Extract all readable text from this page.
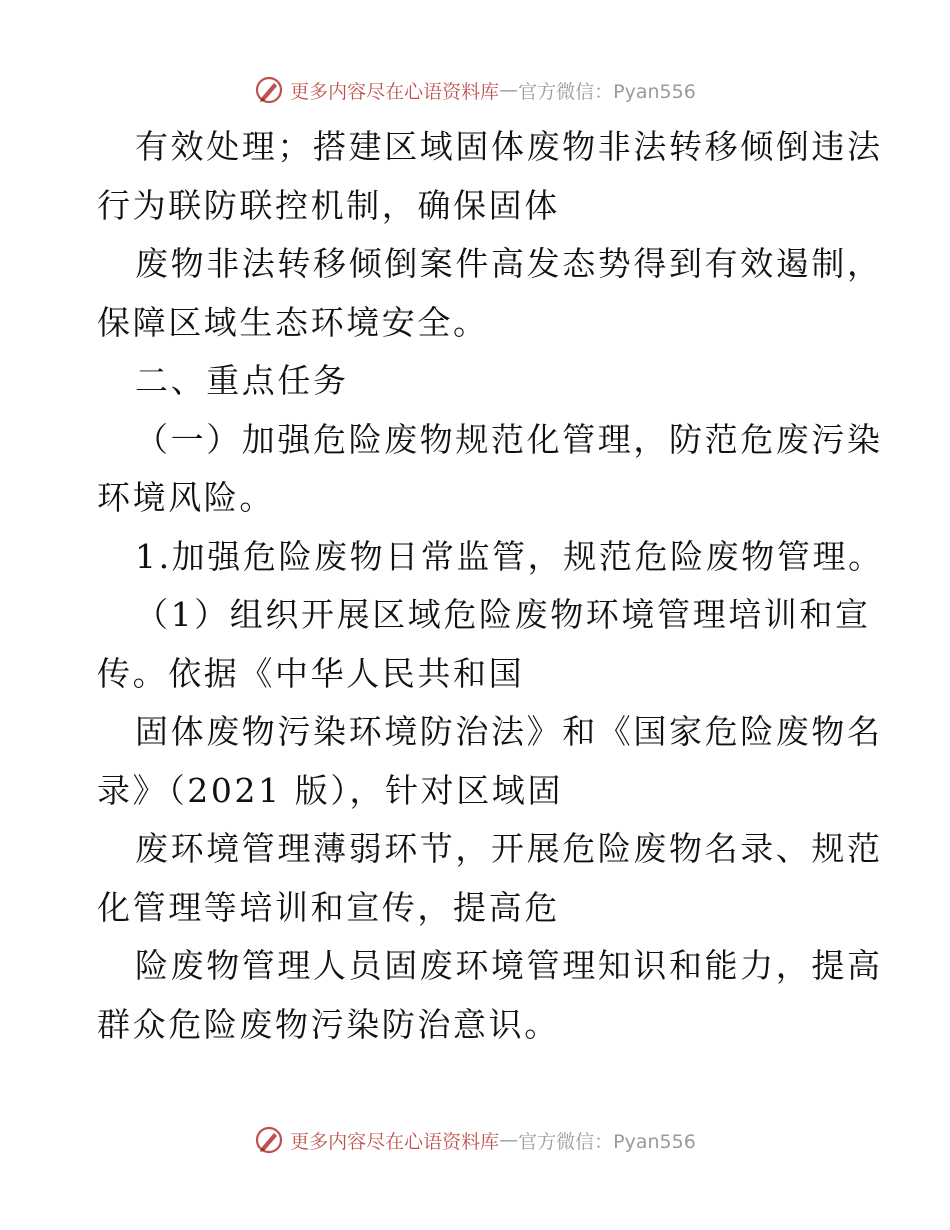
更多内容尽在心语资料库 — 官方微信：Pyan556
有效处理；搭建区域固体废物非法转移倾倒违法
行为联防联控机制，确保固体
废物非法转移倾倒案件高发态势得到有效遏制，
保障区域生态环境安全。
二、重点任务
（一）加强危险废物规范化管理，防范危废污染
环境风险。
1.加强危险废物日常监管，规范危险废物管理。
（1）组织开展区域危险废物环境管理培训和宣
传。依据《中华人民共和国
固体废物污染环境防治法》和《国家危险废物名
录》（2021 版），针对区域固
废环境管理薄弱环节，开展危险废物名录、规范
化管理等培训和宣传，提高危
险废物管理人员固废环境管理知识和能力，提高
群众危险废物污染防治意识。
更多内容尽在心语资料库 — 官方微信：Pyan556
